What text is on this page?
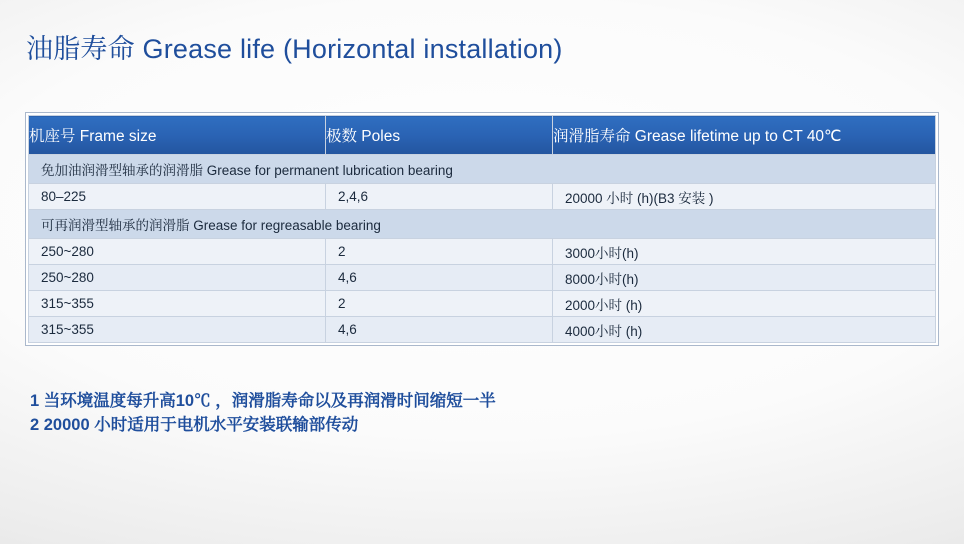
油脂寿命 Grease life (Horizontal installation)
机座号 Frame size	极数 Poles	润滑脂寿命 Grease lifetime up to CT 40℃
免加油润滑型轴承的润滑脂 Grease for permanent lubrication bearing		
80–225	2,4,6	20000 小时 (h)(B3 安装 )
可再润滑型轴承的润滑脂 Grease for regreasable bearing		
250~280	2	3000小时(h)
250~280	4,6	8000小时(h)
315~355	2	2000小时 (h)
315~355	4,6	4000小时 (h)
1 当环境温度每升高10℃ ，润滑脂寿命以及再润滑时间缩短一半
2 20000 小时适用于电机水平安装联输部传动
